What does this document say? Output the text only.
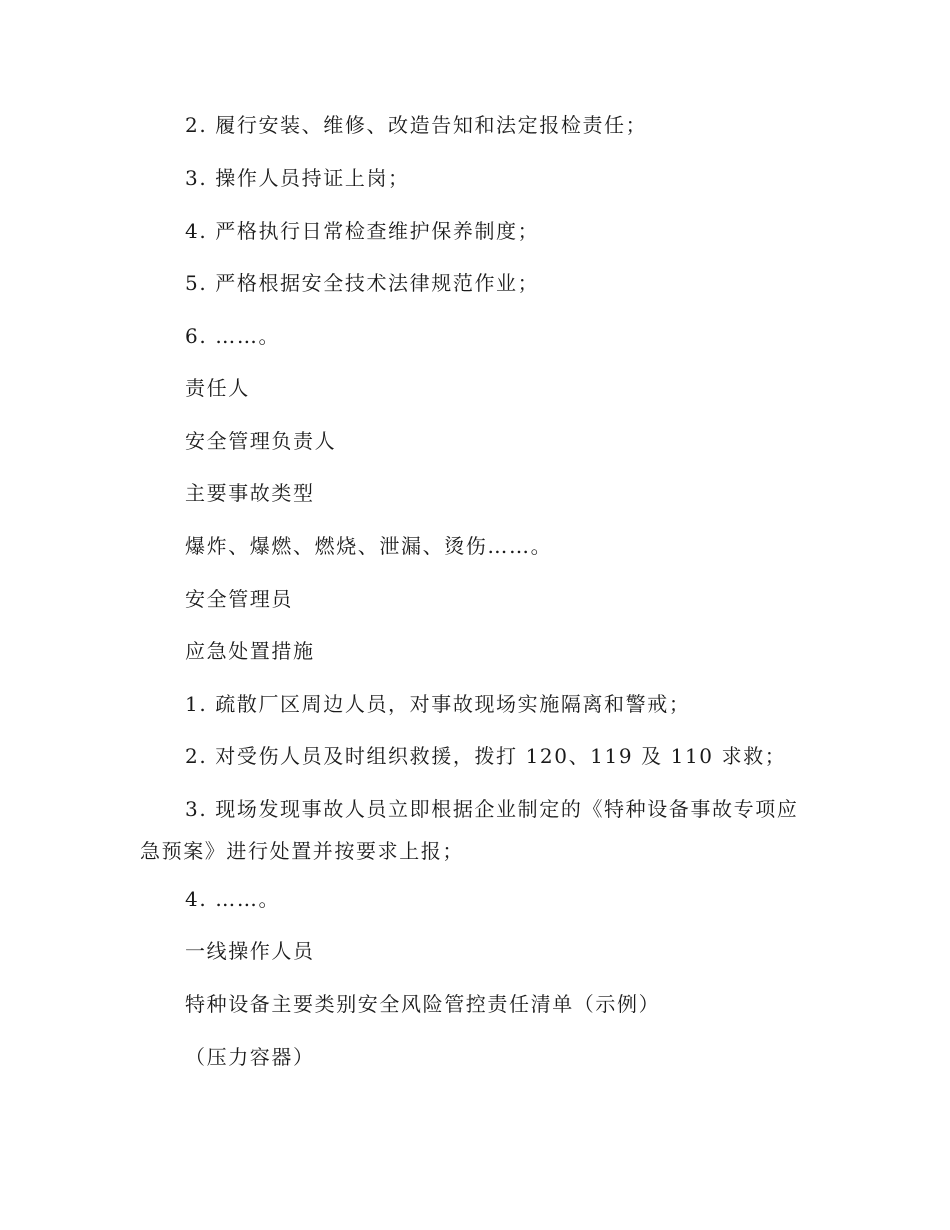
2. 履行安装、维修、改造告知和法定报检责任；

3. 操作人员持证上岗；

4. 严格执行日常检查维护保养制度；

5. 严格根据安全技术法律规范作业；

6. ……。

责任人

安全管理负责人

主要事故类型

爆炸、爆燃、燃烧、泄漏、烫伤……。

安全管理员

应急处置措施

1. 疏散厂区周边人员，对事故现场实施隔离和警戒；

2. 对受伤人员及时组织救援，拨打 120、119 及 110 求救；

3. 现场发现事故人员立即根据企业制定的《特种设备事故专项应急预案》进行处置并按要求上报；

4. ……。

一线操作人员

特种设备主要类别安全风险管控责任清单（示例）

（压力容器）
